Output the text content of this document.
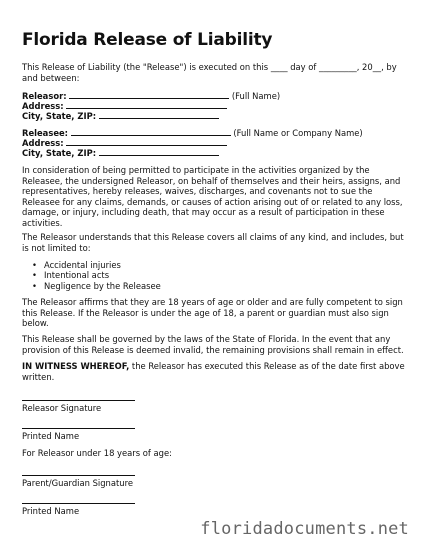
Florida Release of Liability

This Release of Liability (the "Release") is executed on this ____ day of _________, 20__, by and between:

Releasor:	(Full Name)
Address:
City, State, ZIP:
Releasee:	(Full Name or Company Name)
Address:
City, State, ZIP:

In consideration of being permitted to participate in the activities organized by the Releasee, the undersigned Releasor, on behalf of themselves and their heirs, assigns, and representatives, hereby releases, waives, discharges, and covenants not to sue the Releasee for any claims, demands, or causes of action arising out of or related to any loss, damage, or injury, including death, that may occur as a result of participation in these activities.

The Releasor understands that this Release covers all claims of any kind, and includes, but is not limited to:

• Accidental injuries
• Intentional acts
• Negligence by the Releasee

The Releasor affirms that they are 18 years of age or older and are fully competent to sign this Release. If the Releasor is under the age of 18, a parent or guardian must also sign below.

This Release shall be governed by the laws of the State of Florida. In the event that any provision of this Release is deemed invalid, the remaining provisions shall remain in effect.

IN WITNESS WHEREOF, the Releasor has executed this Release as of the date first above written.

Releasor Signature
Printed Name
For Releasor under 18 years of age:
Parent/Guardian Signature
Printed Name
floridadocuments.net
